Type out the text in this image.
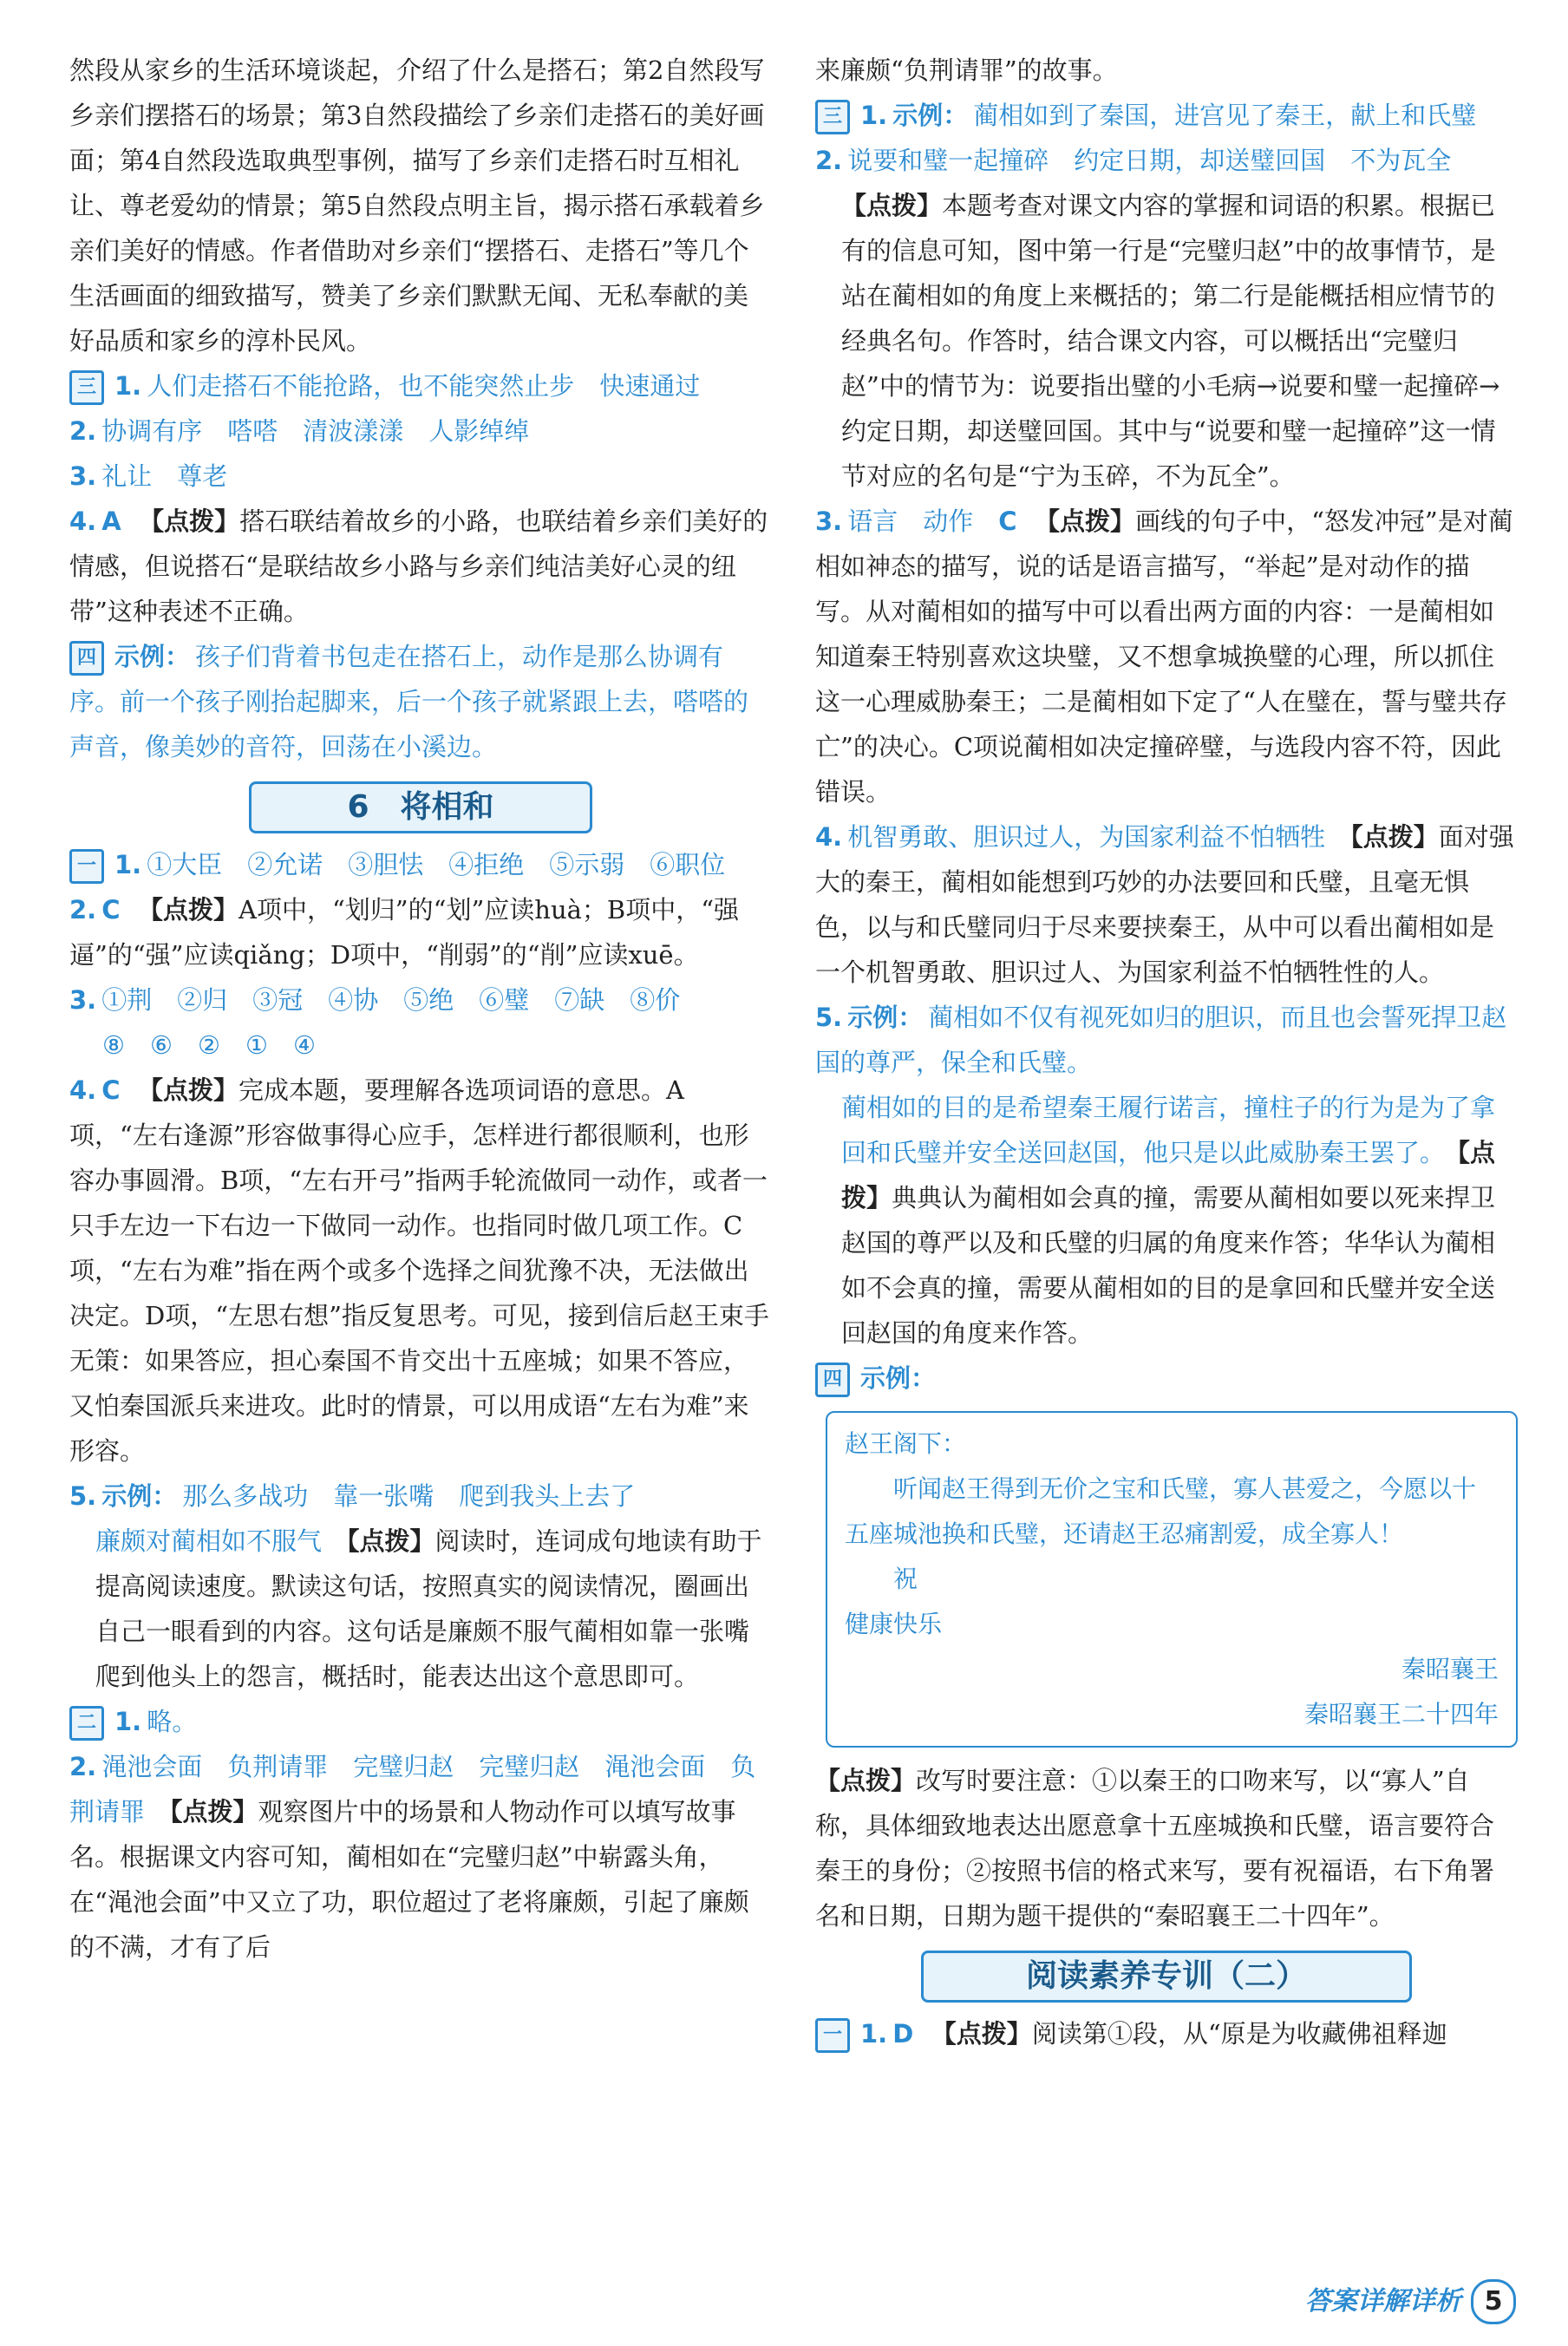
然段从家乡的生活环境谈起，介绍了什么是搭石；第2自然段写乡亲们摆搭石的场景；第3自然段描绘了乡亲们走搭石的美好画面；第4自然段选取典型事例，描写了乡亲们走搭石时互相礼让、尊老爱幼的情景；第5自然段点明主旨，揭示搭石承载着乡亲们美好的情感。作者借助对乡亲们“摆搭石、走搭石”等几个生活画面的细致描写，赞美了乡亲们默默无闻、无私奉献的美好品质和家乡的淳朴民风。

三 1. 人们走搭石不能抢路，也不能突然止步　快速通过

2. 协调有序　嗒嗒　清波漾漾　人影绰绰

3. 礼让　尊老

4. A　 【点拨】搭石联结着故乡的小路，也联结着乡亲们美好的情感，但说搭石“是联结故乡小路与乡亲们纯洁美好心灵的纽带”这种表述不正确。

四 示例： 孩子们背着书包走在搭石上，动作是那么协调有序。前一个孩子刚抬起脚来，后一个孩子就紧跟上去，嗒嗒的声音，像美妙的音符，回荡在小溪边。

6　将相和

一 1. ①大臣　②允诺　③胆怯　④拒绝　⑤示弱　⑥职位

2. C　 【点拨】A项中，“划归”的“划”应读huà；B项中，“强逼”的“强”应读qiǎng；D项中，“削弱”的“削”应读xuē。

3. ①荆　②归　③冠　④协　⑤绝　⑥璧　⑦缺　⑧价

⑧　⑥　②　①　④

4. C　 【点拨】完成本题，要理解各选项词语的意思。A项，“左右逢源”形容做事得心应手，怎样进行都很顺利，也形容办事圆滑。B项，“左右开弓”指两手轮流做同一动作，或者一只手左边一下右边一下做同一动作。也指同时做几项工作。C项，“左右为难”指在两个或多个选择之间犹豫不决，无法做出决定。D项，“左思右想”指反复思考。可见，接到信后赵王束手无策：如果答应，担心秦国不肯交出十五座城；如果不答应，又怕秦国派兵来进攻。此时的情景，可以用成语“左右为难”来形容。

5. 示例： 那么多战功　靠一张嘴　爬到我头上去了

廉颇对蔺相如不服气　 【点拨】阅读时，连词成句地读有助于提高阅读速度。默读这句话，按照真实的阅读情况，圈画出自己一眼看到的内容。这句话是廉颇不服气蔺相如靠一张嘴爬到他头上的怨言，概括时，能表达出这个意思即可。

二 1. 略。

2. 渑池会面　负荆请罪　完璧归赵　完璧归赵　渑池会面　负荆请罪　 【点拨】观察图片中的场景和人物动作可以填写故事名。根据课文内容可知，蔺相如在“完璧归赵”中崭露头角，在“渑池会面”中又立了功，职位超过了老将廉颇，引起了廉颇的不满，才有了后

来廉颇“负荆请罪”的故事。

三 1. 示例： 蔺相如到了秦国，进宫见了秦王，献上和氏璧

2. 说要和璧一起撞碎　约定日期，却送璧回国　不为瓦全

【点拨】本题考查对课文内容的掌握和词语的积累。根据已有的信息可知，图中第一行是“完璧归赵”中的故事情节，是站在蔺相如的角度上来概括的；第二行是能概括相应情节的经典名句。作答时，结合课文内容，可以概括出“完璧归赵”中的情节为：说要指出璧的小毛病→说要和璧一起撞碎→约定日期，却送璧回国。其中与“说要和璧一起撞碎”这一情节对应的名句是“宁为玉碎，不为瓦全”。

3. 语言　动作　 C　 【点拨】画线的句子中，“怒发冲冠”是对蔺相如神态的描写，说的话是语言描写，“举起”是对动作的描写。从对蔺相如的描写中可以看出两方面的内容：一是蔺相如知道秦王特别喜欢这块璧，又不想拿城换璧的心理，所以抓住这一心理威胁秦王；二是蔺相如下定了“人在璧在，誓与璧共存亡”的决心。C项说蔺相如决定撞碎璧，与选段内容不符，因此错误。

4. 机智勇敢、胆识过人，为国家利益不怕牺牲　 【点拨】面对强大的秦王，蔺相如能想到巧妙的办法要回和氏璧，且毫无惧色，以与和氏璧同归于尽来要挟秦王，从中可以看出蔺相如是一个机智勇敢、胆识过人、为国家利益不怕牺牲性的人。

5. 示例： 蔺相如不仅有视死如归的胆识，而且也会誓死捍卫赵国的尊严，保全和氏璧。

蔺相如的目的是希望秦王履行诺言，撞柱子的行为是为了拿回和氏璧并安全送回赵国，他只是以此威胁秦王罢了。　 【点拨】典典认为蔺相如会真的撞，需要从蔺相如要以死来捍卫赵国的尊严以及和氏璧的归属的角度来作答；华华认为蔺相如不会真的撞，需要从蔺相如的目的是拿回和氏璧并安全送回赵国的角度来作答。

四 示例：

赵王阁下：

听闻赵王得到无价之宝和氏璧，寡人甚爱之，今愿以十五座城池换和氏璧，还请赵王忍痛割爱，成全寡人！

祝

健康快乐

秦昭襄王

秦昭襄王二十四年

【点拨】改写时要注意：①以秦王的口吻来写，以“寡人”自称，具体细致地表达出愿意拿十五座城换和氏璧，语言要符合秦王的身份；②按照书信的格式来写，要有祝福语，右下角署名和日期，日期为题干提供的“秦昭襄王二十四年”。

阅读素养专训（二）

一 1. D　 【点拨】阅读第①段，从“原是为收藏佛祖释迦

答案详解详析 5
